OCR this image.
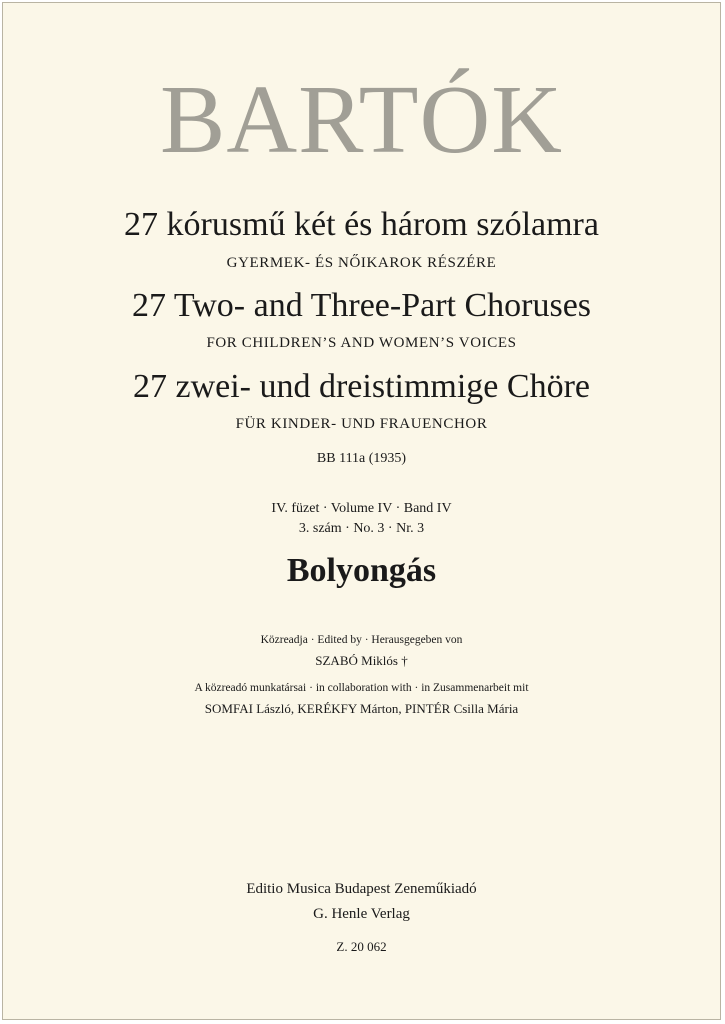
BARTÓK
27 kórusmű két és három szólamra
GYERMEK- ÉS NŐIKAROK RÉSZÉRE
27 Two- and Three-Part Choruses
FOR CHILDREN’S AND WOMEN’S VOICES
27 zwei- und dreistimmige Chöre
FÜR KINDER- UND FRAUENCHOR
BB 111a (1935)
IV. füzet · Volume IV · Band IV
3. szám · No. 3 · Nr. 3
Bolyongás
Közreadja · Edited by · Herausgegeben von
SZABÓ Miklós †
A közreadó munkatársai · in collaboration with · in Zusammenarbeit mit
SOMFAI László, KERÉKFY Márton, PINTÉR Csilla Mária
Editio Musica Budapest Zeneműkiadó
G. Henle Verlag
Z. 20 062
